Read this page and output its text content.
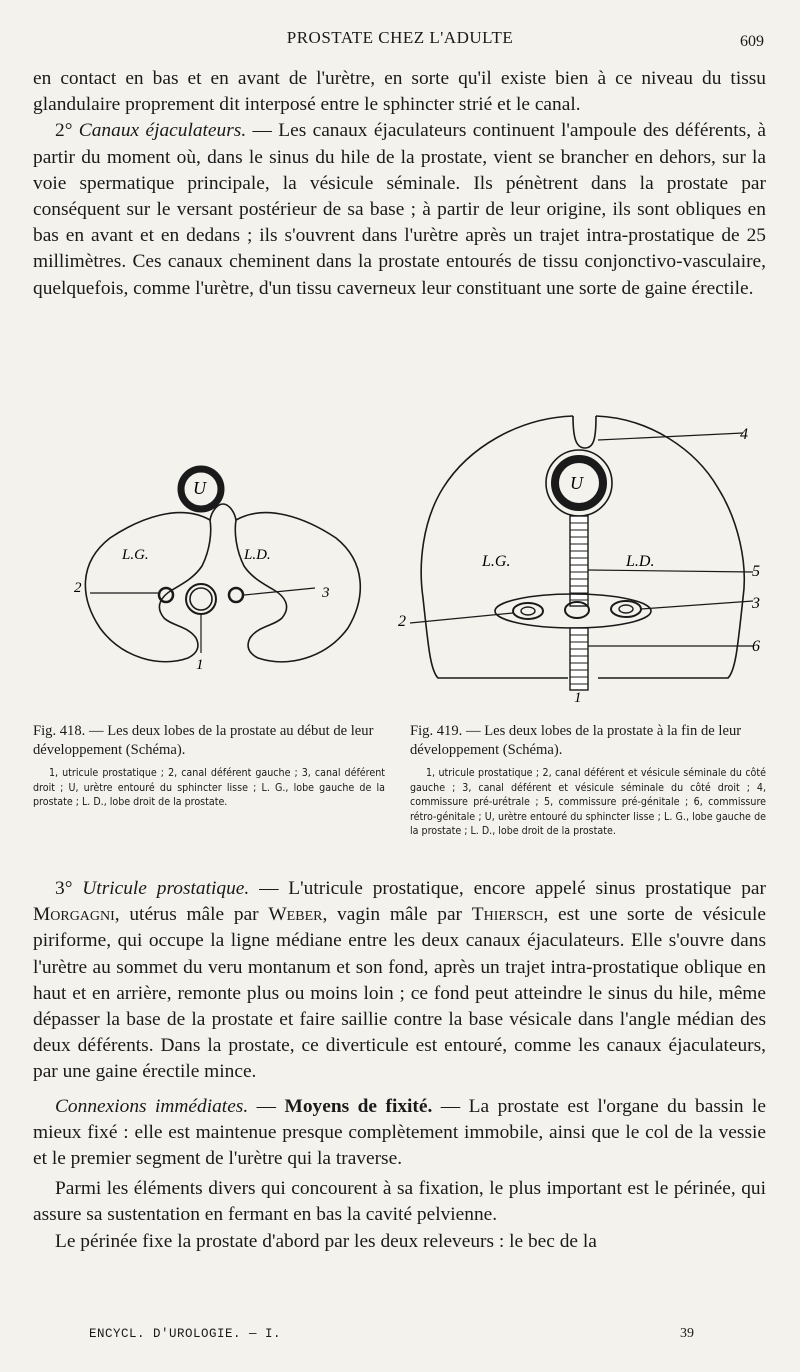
PROSTATE CHEZ L'ADULTE	609

en contact en bas et en avant de l'urètre, en sorte qu'il existe bien à ce niveau du tissu glandulaire proprement dit interposé entre le sphincter strié et le canal.

2° Canaux éjaculateurs. — Les canaux éjaculateurs continuent l'ampoule des déférents, à partir du moment où, dans le sinus du hile de la prostate, vient se brancher en dehors, sur la voie spermatique principale, la vésicule séminale. Ils pénètrent dans la prostate par conséquent sur le versant postérieur de sa base ; à partir de leur origine, ils sont obliques en bas en avant et en dedans ; ils s'ouvrent dans l'urètre après un trajet intra-prostatique de 25 millimètres. Ces canaux cheminent dans la prostate entourés de tissu conjonctivo-vasculaire, quelquefois, comme l'urètre, d'un tissu caverneux leur constituant une sorte de gaine érectile.

U
L.G.	L.D.
2	3
1
U
L.G.	L.D.
4
5
3
2
6
1
Fig. 418. — Les deux lobes de la prostate au début de leur développement (Schéma).
1, utricule prostatique ; 2, canal déférent gauche ; 3, canal déférent droit ; U, urètre entouré du sphincter lisse ; L. G., lobe gauche de la prostate ; L. D., lobe droit de la prostate.
Fig. 419. — Les deux lobes de la prostate à la fin de leur développement (Schéma).
1, utricule prostatique ; 2, canal déférent et vésicule séminale du côté gauche ; 3, canal déférent et vésicule séminale du côté droit ; 4, commissure pré-urétrale ; 5, commissure pré-génitale ; 6, commissure rétro-génitale ; U, urètre entouré du sphincter lisse ; L. G., lobe gauche de la prostate ; L. D., lobe droit de la prostate.

3° Utricule prostatique. — L'utricule prostatique, encore appelé sinus prostatique par Morgagni, utérus mâle par Weber, vagin mâle par Thiersch, est une sorte de vésicule piriforme, qui occupe la ligne médiane entre les deux canaux éjaculateurs. Elle s'ouvre dans l'urètre au sommet du veru montanum et son fond, après un trajet intra-prostatique oblique en haut et en arrière, remonte plus ou moins loin ; ce fond peut atteindre le sinus du hile, même dépasser la base de la prostate et faire saillie contre la base vésicale dans l'angle médian des deux déférents. Dans la prostate, ce diverticule est entouré, comme les canaux éjaculateurs, par une gaine érectile mince.

Connexions immédiates. — Moyens de fixité. — La prostate est l'organe du bassin le mieux fixé : elle est maintenue presque complètement immobile, ainsi que le col de la vessie et le premier segment de l'urètre qui la traverse.

Parmi les éléments divers qui concourent à sa fixation, le plus important est le périnée, qui assure sa sustentation en fermant en bas la cavité pelvienne.

Le périnée fixe la prostate d'abord par les deux releveurs : le bec de la

ENCYCL. D'UROLOGIE. — I.	39
